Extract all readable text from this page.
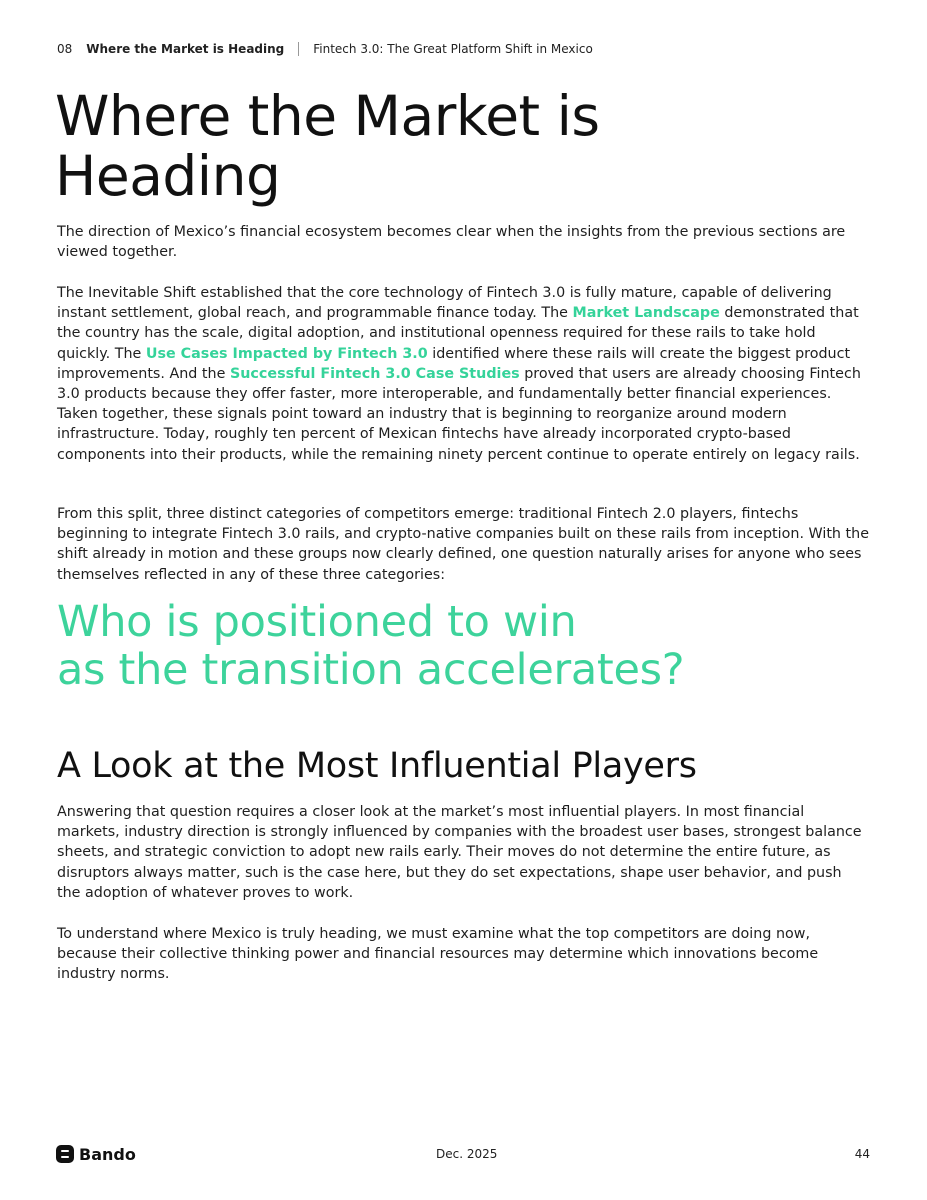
08 Where the Market is Heading Fintech 3.0: The Great Platform Shift in Mexico
Where the Market is
Heading

The direction of Mexico’s financial ecosystem becomes clear when the insights from the previous sections are viewed together.

The Inevitable Shift established that the core technology of Fintech 3.0 is fully mature, capable of delivering instant settlement, global reach, and programmable finance today. The Market Landscape demonstrated that the country has the scale, digital adoption, and institutional openness required for these rails to take hold quickly. The Use Cases Impacted by Fintech 3.0 identified where these rails will create the biggest product improvements. And the Successful Fintech 3.0 Case Studies proved that users are already choosing Fintech 3.0 products because they offer faster, more interoperable, and fundamentally better financial experiences. Taken together, these signals point toward an industry that is beginning to reorganize around modern infrastructure. Today, roughly ten percent of Mexican fintechs have already incorporated crypto-based components into their products, while the remaining ninety percent continue to operate entirely on legacy rails.

From this split, three distinct categories of competitors emerge: traditional Fintech 2.0 players, fintechs beginning to integrate Fintech 3.0 rails, and crypto-native companies built on these rails from inception. With the shift already in motion and these groups now clearly defined, one question naturally arises for anyone who sees themselves reflected in any of these three categories:

Who is positioned to win
as the transition accelerates?
A Look at the Most Influential Players

Answering that question requires a closer look at the market’s most influential players. In most financial markets, industry direction is strongly influenced by companies with the broadest user bases, strongest balance sheets, and strategic conviction to adopt new rails early. Their moves do not determine the entire future, as disruptors always matter, such is the case here, but they do set expectations, shape user behavior, and push the adoption of whatever proves to work.

To understand where Mexico is truly heading, we must examine what the top competitors are doing now, because their collective thinking power and financial resources may determine which innovations become industry norms.

Bando	Dec. 2025	44
